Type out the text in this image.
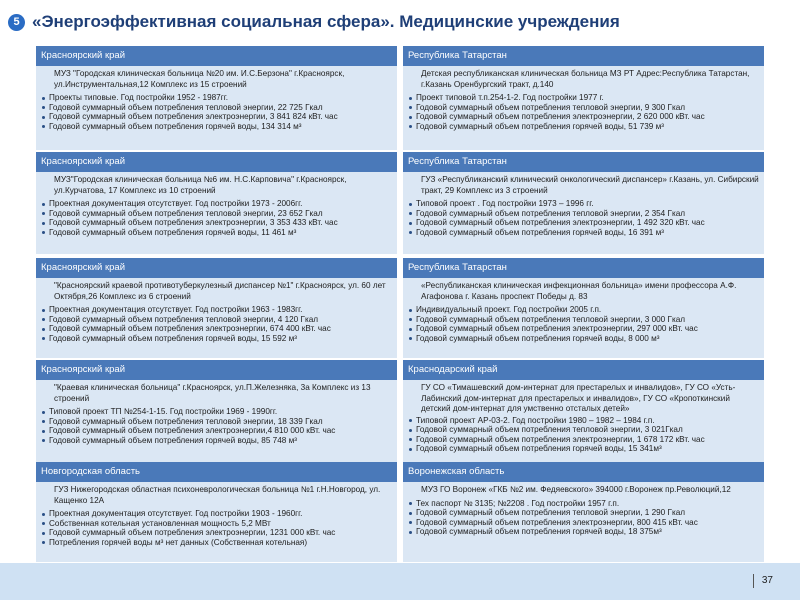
5 «Энергоэффективная социальная сфера». Медицинские учреждения
Красноярский край
МУЗ "Городская клиническая больница №20 им. И.С.Берзона" г.Красноярск, ул.Инструментальная,12 Комплекс из 15 строений
Проекты типовые. Год постройки 1952 - 1987гг.
Годовой суммарный объем потребления тепловой энергии, 22 725 Гкал
Годовой суммарный объем потребления электроэнергии, 3 841 824 кВт. час
Годовой суммарный объем потребления горячей воды, 134 314 м³
Республика Татарстан
Детская республиканская клиническая больница МЗ РТ Адрес:Республика Татарстан, г.Казань Оренбургский тракт, д.140
Проект типовой т.п.254-1-2. Год постройки 1977 г.
Годовой суммарный объем потребления тепловой энергии, 9 300 Гкал
Годовой суммарный объем потребления электроэнергии, 2 620 000 кВт. час
Годовой суммарный объем потребления горячей воды, 51 739 м³
Красноярский край
МУЗ"Городская клиническая больница №6 им. Н.С.Карповича" г.Красноярск, ул.Курчатова, 17 Комплекс из 10 строений
Проектная документация отсутствует. Год постройки 1973 - 2006гг.
Годовой суммарный объем потребления тепловой энергии, 23 652 Гкал
Годовой суммарный объем потребления электроэнергии, 3 353 433 кВт. час
Годовой суммарный объем потребления горячей воды, 11 461 м³
Республика Татарстан
ГУЗ «Республиканский клинический онкологический диспансер» г.Казань, ул. Сибирский тракт, 29 Комплекс из 3 строений
Типовой проект . Год постройки 1973 – 1996 гг.
Годовой суммарный объем потребления тепловой энергии, 2 354 Гкал
Годовой суммарный объем потребления электроэнергии, 1 492 320 кВт. час
Годовой суммарный объем потребления горячей воды, 16 391 м³
Красноярский край
"Красноярский краевой противотуберкулезный диспансер №1" г.Красноярск, ул. 60 лет Октября,26 Комплекс из 6 строений
Проектная документация отсутствует. Год постройки 1963 - 1983гг.
Годовой суммарный объем потребления тепловой энергии, 4 120 Гкал
Годовой суммарный объем потребления электроэнергии, 674 400 кВт. час
Годовой суммарный объем потребления горячей воды, 15 592 м³
Республика Татарстан
«Республиканская клиническая инфекционная больница» имени профессора А.Ф. Агафонова г. Казань проспект Победы д. 83
Индивидуальный проект. Год постройки 2005 г.п.
Годовой суммарный объем потребления тепловой энергии, 3 000 Гкал
Годовой суммарный объем потребления электроэнергии, 297 000 кВт. час
Годовой суммарный объем потребления горячей воды, 8 000 м³
Красноярский край
"Краевая клиническая больница" г.Красноярск, ул.П.Железняка, 3а Комплекс из 13 строений
Типовой проект ТП №254-1-15. Год постройки 1969 - 1990гг.
Годовой суммарный объем потребления тепловой энергии, 18 339 Гкал
Годовой суммарный объем потребления электроэнергии,4 810 000 кВт. час
Годовой суммарный объем потребления горячей воды, 85 748 м³
Краснодарский край
ГУ СО «Тимашевский дом-интернат для престарелых и инвалидов», ГУ СО «Усть-Лабинский дом-интернат для престарелых и инвалидов», ГУ СО «Кропоткинский детский дом-интернат для умственно отсталых детей»
Типовой проект АР-03-2. Год постройки 1980 – 1982 – 1984 г.п.
Годовой суммарный объем потребления тепловой энергии, 3 021Гкал
Годовой суммарный объем потребления электроэнергии, 1 678 172 кВт. час
Годовой суммарный объем потребления горячей воды, 15 341м³
Новгородская область
ГУЗ Нижегородская областная психоневрологическая больница №1 г.Н.Новгород, ул. Кащенко 12А
Проектная документация отсутствует. Год постройки 1903 - 1960гг.
Собственная котельная установленная мощность 5,2 МВт
Годовой суммарный объем потребления электроэнергии, 1231 000 кВт. час
Потребления горячей воды м³ нет данных (Собственная котельная)
Воронежская область
МУЗ ГО Воронеж «ГКБ №2 им. Федяевского» 394000 г.Воронеж пр.Революций,12
Тех паспорт № 3135; №2208 . Год постройки 1957 г.п.
Годовой суммарный объем потребления тепловой энергии, 1 290 Гкал
Годовой суммарный объем потребления электроэнергии, 800 415 кВт. час
Годовой суммарный объем потребления горячей воды, 18 375м³
37
